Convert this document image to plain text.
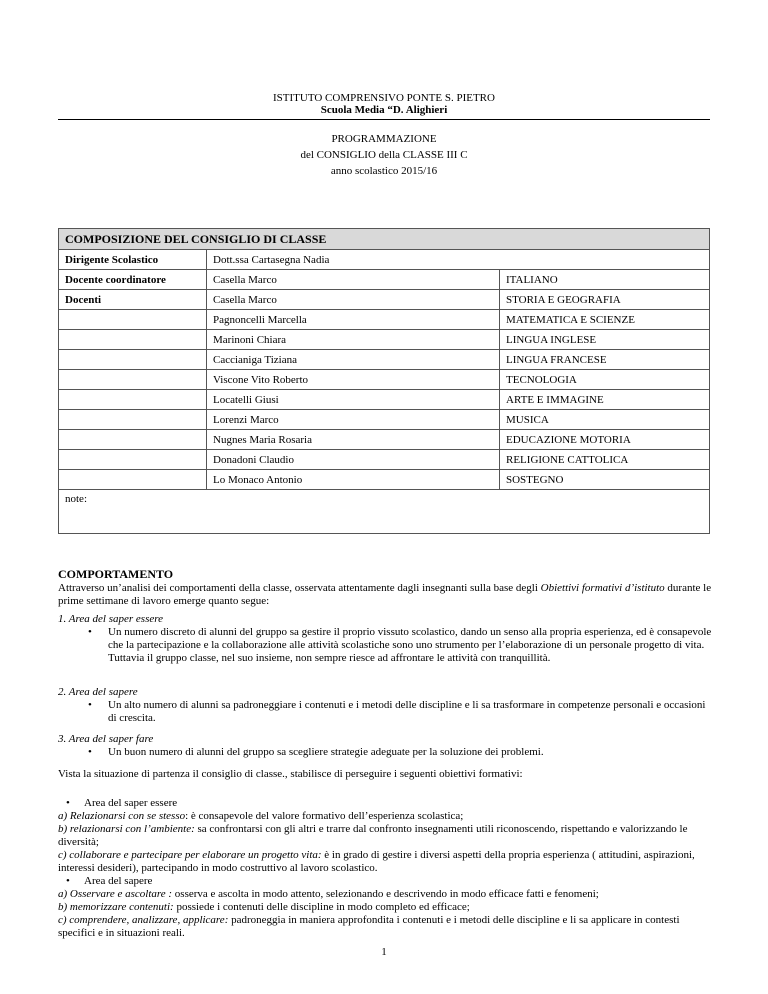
ISTITUTO COMPRENSIVO PONTE S. PIETRO
Scuola Media “D. Alighieri
PROGRAMMAZIONE
del CONSIGLIO della CLASSE III C
anno scolastico 2015/16
COMPOSIZIONE DEL CONSIGLIO DI CLASSE		
Dirigente Scolastico	Dott.ssa Cartasegna Nadia	
Docente coordinatore	Casella Marco	ITALIANO
Docenti	Casella Marco	STORIA E GEOGRAFIA
	Pagnoncelli Marcella	MATEMATICA E SCIENZE
	Marinoni Chiara	LINGUA INGLESE
	Caccianiga Tiziana	LINGUA FRANCESE
	Viscone Vito Roberto	TECNOLOGIA
	Locatelli Giusi	ARTE E IMMAGINE
	Lorenzi Marco	MUSICA
	Nugnes Maria Rosaria	EDUCAZIONE MOTORIA
	Donadoni Claudio	RELIGIONE CATTOLICA
	Lo Monaco Antonio	SOSTEGNO
note:		
COMPORTAMENTO
Attraverso un’analisi dei comportamenti della classe, osservata attentamente dagli insegnanti sulla base degli Obiettivi formativi d’istituto durante le prime settimane di lavoro emerge quanto segue:
1. Area del saper essere
• Un numero discreto di alunni del gruppo sa gestire il proprio vissuto scolastico, dando un senso alla propria esperienza, ed è consapevole che la partecipazione e la collaborazione alle attività scolastiche sono uno strumento per l’elaborazione di un personale progetto di vita. Tuttavia il gruppo classe, nel suo insieme, non sempre riesce ad affrontare le attività con tranquillità.
2. Area del sapere
• Un alto numero di alunni sa padroneggiare i contenuti e i metodi delle discipline e li sa trasformare in competenze personali e occasioni di crescita.
3. Area del saper fare
• Un buon numero di alunni del gruppo sa scegliere strategie adeguate per la soluzione dei problemi.
Vista la situazione di partenza il consiglio di classe., stabilisce di perseguire i seguenti obiettivi formativi:
• Area del saper essere
a) Relazionarsi con se stesso: è consapevole del valore formativo dell’esperienza scolastica;
b) relazionarsi con l’ambiente: sa confrontarsi con gli altri e trarre dal confronto insegnamenti utili riconoscendo, rispettando e valorizzando le diversità;
c) collaborare e partecipare per elaborare un progetto vita: è in grado di gestire i diversi aspetti della propria esperienza ( attitudini, aspirazioni, interessi desideri), partecipando in modo costruttivo al lavoro scolastico.
• Area del sapere
a) Osservare e ascoltare : osserva e ascolta in modo attento, selezionando e descrivendo in modo efficace fatti e fenomeni;
b) memorizzare contenuti: possiede i contenuti delle discipline in modo completo ed efficace;
c) comprendere, analizzare, applicare: padroneggia in maniera approfondita i contenuti e i metodi delle discipline e li sa applicare in contesti specifici e in situazioni reali.
1
